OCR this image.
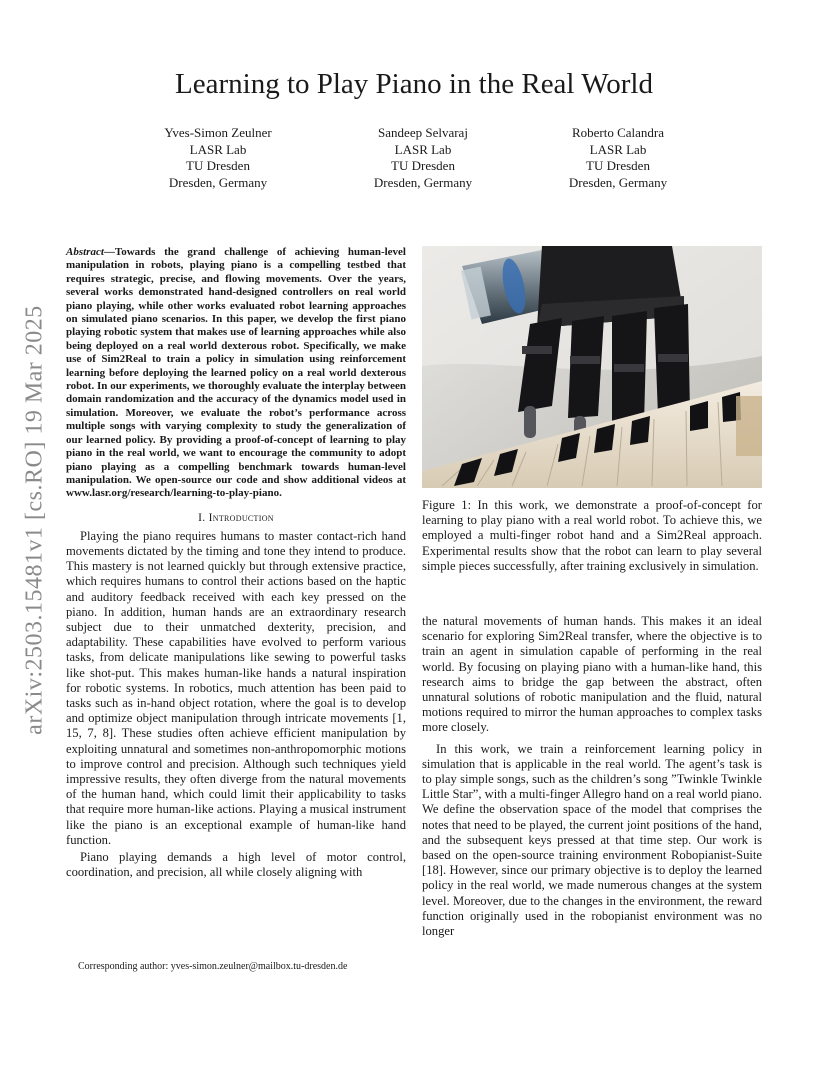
arXiv:2503.15481v1 [cs.RO] 19 Mar 2025
Learning to Play Piano in the Real World
Yves-Simon Zeulner
LASR Lab
TU Dresden
Dresden, Germany
Sandeep Selvaraj
LASR Lab
TU Dresden
Dresden, Germany
Roberto Calandra
LASR Lab
TU Dresden
Dresden, Germany

Abstract—Towards the grand challenge of achieving human-level manipulation in robots, playing piano is a compelling testbed that requires strategic, precise, and flowing movements. Over the years, several works demonstrated hand-designed controllers on real world piano playing, while other works evaluated robot learning approaches on simulated piano scenarios. In this paper, we develop the first piano playing robotic system that makes use of learning approaches while also being deployed on a real world dexterous robot. Specifically, we make use of Sim2Real to train a policy in simulation using reinforcement learning before deploying the learned policy on a real world dexterous robot. In our experiments, we thoroughly evaluate the interplay between domain randomization and the accuracy of the dynamics model used in simulation. Moreover, we evaluate the robot’s performance across multiple songs with varying complexity to study the generalization of our learned policy. By providing a proof-of-concept of learning to play piano in the real world, we want to encourage the community to adopt piano playing as a compelling benchmark towards human-level manipulation. We open-source our code and show additional videos at www.lasr.org/research/learning-to-play-piano.

I. Introduction

Playing the piano requires humans to master contact-rich hand movements dictated by the timing and tone they intend to produce. This mastery is not learned quickly but through extensive practice, which requires humans to control their actions based on the haptic and auditory feedback received with each key pressed on the piano. In addition, human hands are an extraordinary research subject due to their unmatched dexterity, precision, and adaptability. These capabilities have evolved to perform various tasks, from delicate manipulations like sewing to powerful tasks like shot-put. This makes human-like hands a natural inspiration for robotic systems. In robotics, much attention has been paid to tasks such as in-hand object rotation, where the goal is to develop and optimize object manipulation through intricate movements [1, 15, 7, 8]. These studies often achieve efficient manipulation by exploiting unnatural and sometimes non-anthropomorphic motions to improve control and precision. Although such techniques yield impressive results, they often diverge from the natural movements of the human hand, which could limit their applicability to tasks that require more human-like actions. Playing a musical instrument like the piano is an exceptional example of human-like hand function.

Piano playing demands a high level of motor control, coordination, and precision, all while closely aligning with

Figure 1: In this work, we demonstrate a proof-of-concept for learning to play piano with a real world robot. To achieve this, we employed a multi-finger robot hand and a Sim2Real approach. Experimental results show that the robot can learn to play several simple pieces successfully, after training exclusively in simulation.

the natural movements of human hands. This makes it an ideal scenario for exploring Sim2Real transfer, where the objective is to train an agent in simulation capable of performing in the real world. By focusing on playing piano with a human-like hand, this research aims to bridge the gap between the abstract, often unnatural solutions of robotic manipulation and the fluid, natural motions required to mirror the human approaches to complex tasks more closely.

In this work, we train a reinforcement learning policy in simulation that is applicable in the real world. The agent’s task is to play simple songs, such as the children’s song ”Twinkle Twinkle Little Star”, with a multi-finger Allegro hand on a real world piano. We define the observation space of the model that comprises the notes that need to be played, the current joint positions of the hand, and the subsequent keys pressed at that time step. Our work is based on the open-source training environment Robopianist-Suite [18]. However, since our primary objective is to deploy the learned policy in the real world, we made numerous changes at the system level. Moreover, due to the changes in the environment, the reward function originally used in the robopianist environment was no longer

Corresponding author: yves-simon.zeulner@mailbox.tu-dresden.de
